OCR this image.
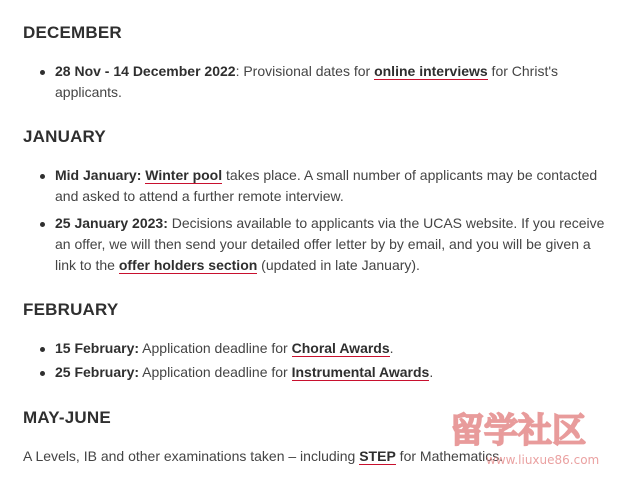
DECEMBER
28 Nov - 14 December 2022: Provisional dates for online interviews for Christ's applicants.
JANUARY
Mid January: Winter pool takes place. A small number of applicants may be contacted and asked to attend a further remote interview.
25 January 2023: Decisions available to applicants via the UCAS website. If you receive an offer, we will then send your detailed offer letter by by email, and you will be given a link to the offer holders section (updated in late January).
FEBRUARY
15 February: Application deadline for Choral Awards.
25 February: Application deadline for Instrumental Awards.
MAY-JUNE

A Levels, IB and other examinations taken – including STEP for Mathematics.

留学社区
www.liuxue86.com
